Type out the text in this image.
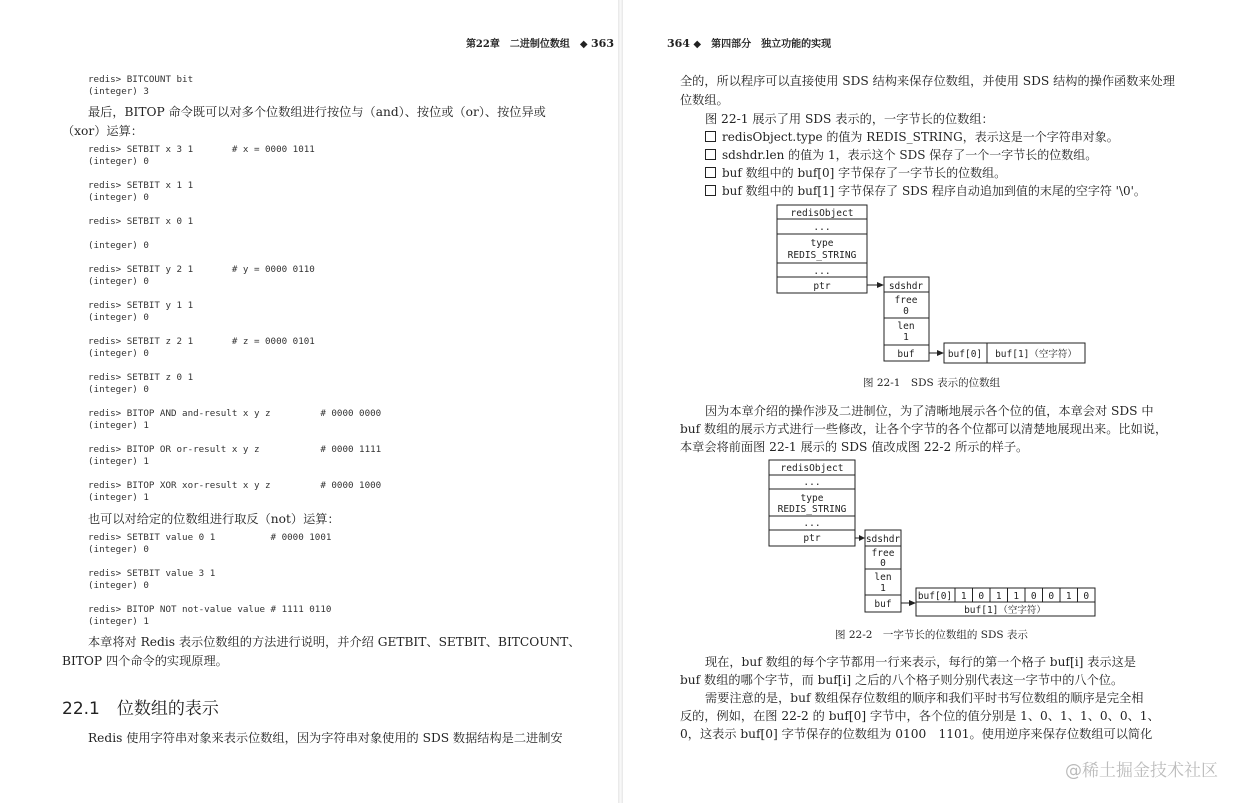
第22章　二进制位数组　◆ 363

redis> BITCOUNT bit
(integer) 3
最后，BITOP 命令既可以对多个位数组进行按位与（and）、按位或（or）、按位异或
（xor）运算：
redis> SETBIT x 3 1       # x = 0000 1011
(integer) 0

redis> SETBIT x 1 1
(integer) 0

redis> SETBIT x 0 1

(integer) 0

redis> SETBIT y 2 1       # y = 0000 0110
(integer) 0

redis> SETBIT y 1 1
(integer) 0

redis> SETBIT z 2 1       # z = 0000 0101
(integer) 0

redis> SETBIT z 0 1
(integer) 0

redis> BITOP AND and-result x y z         # 0000 0000
(integer) 1

redis> BITOP OR or-result x y z           # 0000 1111
(integer) 1

redis> BITOP XOR xor-result x y z         # 0000 1000
(integer) 1
也可以对给定的位数组进行取反（not）运算：
redis> SETBIT value 0 1          # 0000 1001
(integer) 0

redis> SETBIT value 3 1
(integer) 0

redis> BITOP NOT not-value value # 1111 0110
(integer) 1
本章将对 Redis 表示位数组的方法进行说明，并介绍 GETBIT、SETBIT、BITCOUNT、
BITOP 四个命令的实现原理。
22.1　位数组的表示
Redis 使用字符串对象来表示位数组，因为字符串对象使用的 SDS 数据结构是二进制安

364 ◆　第四部分　独立功能的实现

全的，所以程序可以直接使用 SDS 结构来保存位数组，并使用 SDS 结构的操作函数来处理
位数组。
图 22-1 展示了用 SDS 表示的，一字节长的位数组：
redisObject.type 的值为 REDIS_STRING，表示这是一个字符串对象。
sdshdr.len 的值为 1，表示这个 SDS 保存了一个一字节长的位数组。
buf 数组中的 buf[0] 字节保存了一字节长的位数组。
buf 数组中的 buf[1] 字节保存了 SDS 程序自动追加到值的末尾的空字符 '\0'。
redisObject
...
type
REDIS_STRING
...
ptr	sdshdr
free
0
len
1
buf	buf[0] buf[1]（空字符）
图 22-1　SDS 表示的位数组
因为本章介绍的操作涉及二进制位，为了清晰地展示各个位的值，本章会对 SDS 中
buf 数组的展示方式进行一些修改，让各个字节的各个位都可以清楚地展现出来。比如说，
本章会将前面图 22-1 展示的 SDS 值改成图 22-2 所示的样子。
redisObject
...
type
REDIS_STRING
...
ptr	sdshdr
free
0
len
1
buf
buf[0]
buf[1]（空字符）
1 0 1 1 0 0 1 0
图 22-2　一字节长的位数组的 SDS 表示
现在，buf 数组的每个字节都用一行来表示，每行的第一个格子 buf[i] 表示这是
buf 数组的哪个字节，而 buf[i] 之后的八个格子则分别代表这一字节中的八个位。
需要注意的是，buf 数组保存位数组的顺序和我们平时书写位数组的顺序是完全相
反的，例如，在图 22-2 的 buf[0] 字节中，各个位的值分别是 1、0、1、1、0、0、1、
0，这表示 buf[0] 字节保存的位数组为 0100　1101。使用逆序来保存位数组可以简化
@稀土掘金技术社区
